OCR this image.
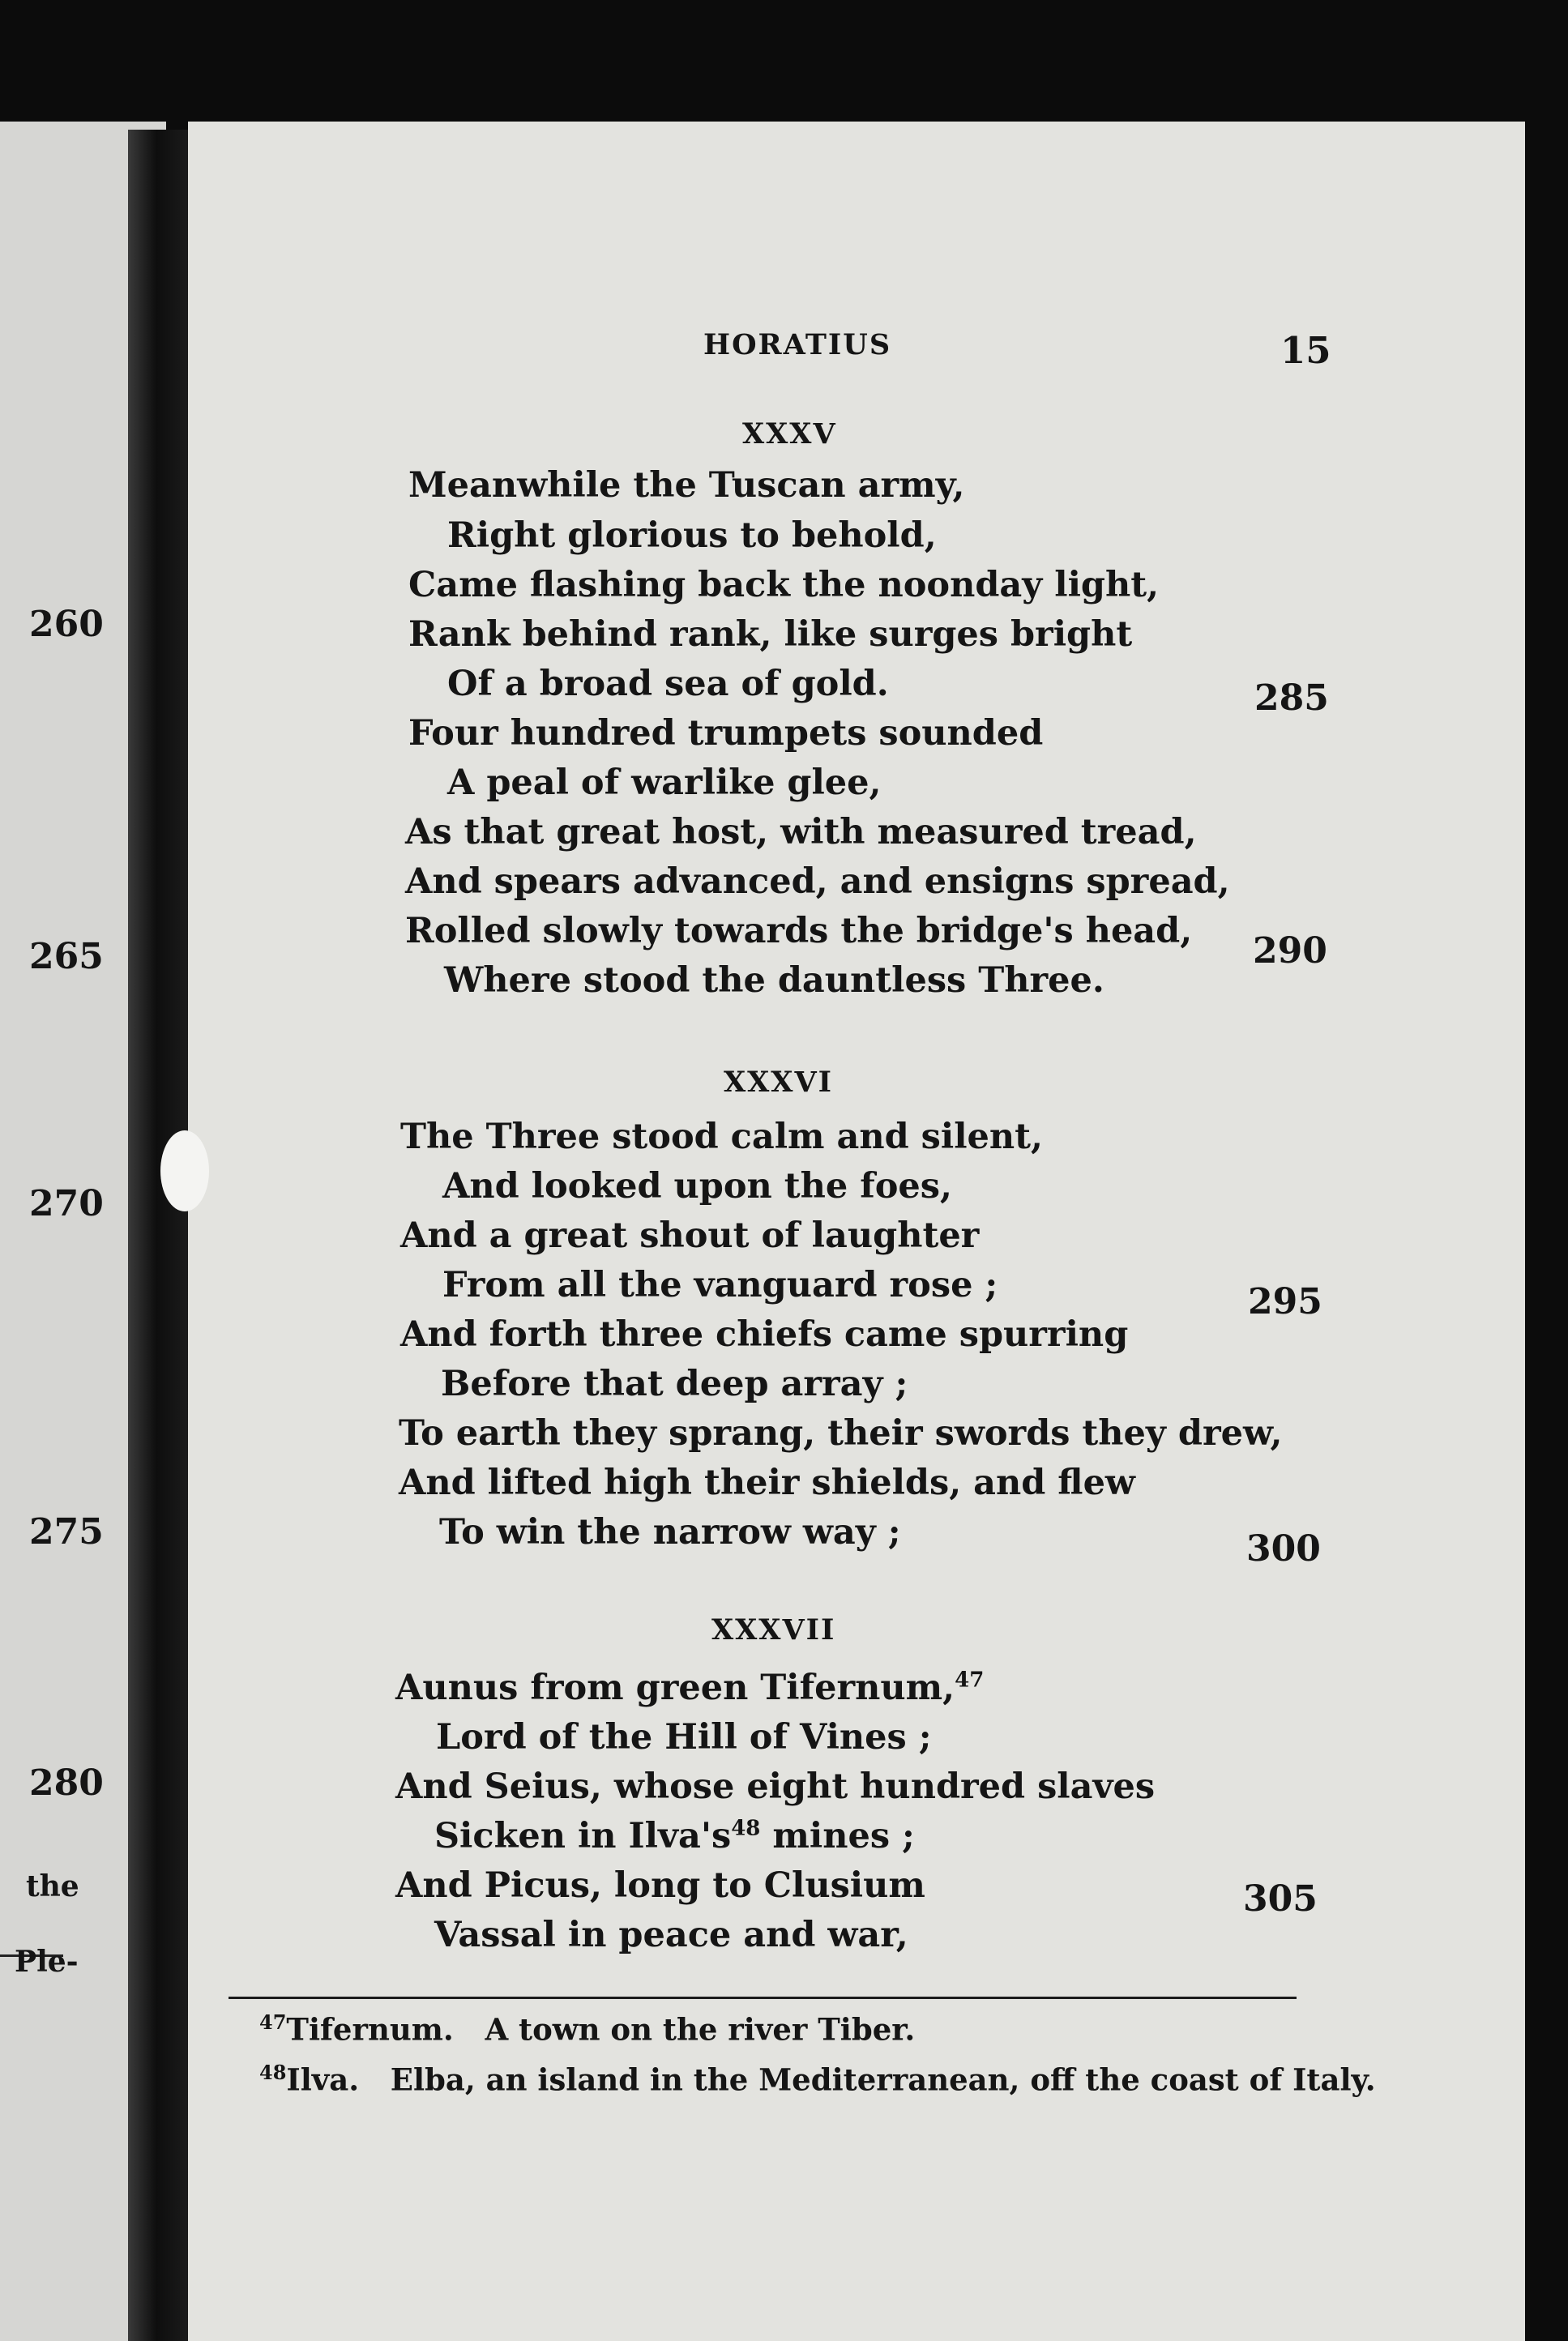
260
265
270
275
280
the
Ple-
HORATIUS	15
XXXV
Meanwhile the Tuscan army,
Right glorious to behold,
Came flashing back the noonday light,
Rank behind rank, like surges bright
Of a broad sea of gold.
Four hundred trumpets sounded
A peal of warlike glee,
As that great host, with measured tread,
And spears advanced, and ensigns spread,
Rolled slowly towards the bridge's head,
Where stood the dauntless Three.
XXXVI
The Three stood calm and silent,
And looked upon the foes,
And a great shout of laughter
From all the vanguard rose ;
And forth three chiefs came spurring
Before that deep array ;
To earth they sprang, their swords they drew,
And lifted high their shields, and flew
To win the narrow way ;
XXXVII
Aunus from green Tifernum,$^{47}$
Lord of the Hill of Vines ;
And Seius, whose eight hundred slaves
Sicken in Ilva's$^{48}$ mines ;
And Picus, long to Clusium
Vassal in peace and war,
285
290
295
300
305
$^{47}$Tifernum. A town on the river Tiber.
$^{48}$Ilva. Elba, an island in the Mediterranean, off the coast of Italy.
